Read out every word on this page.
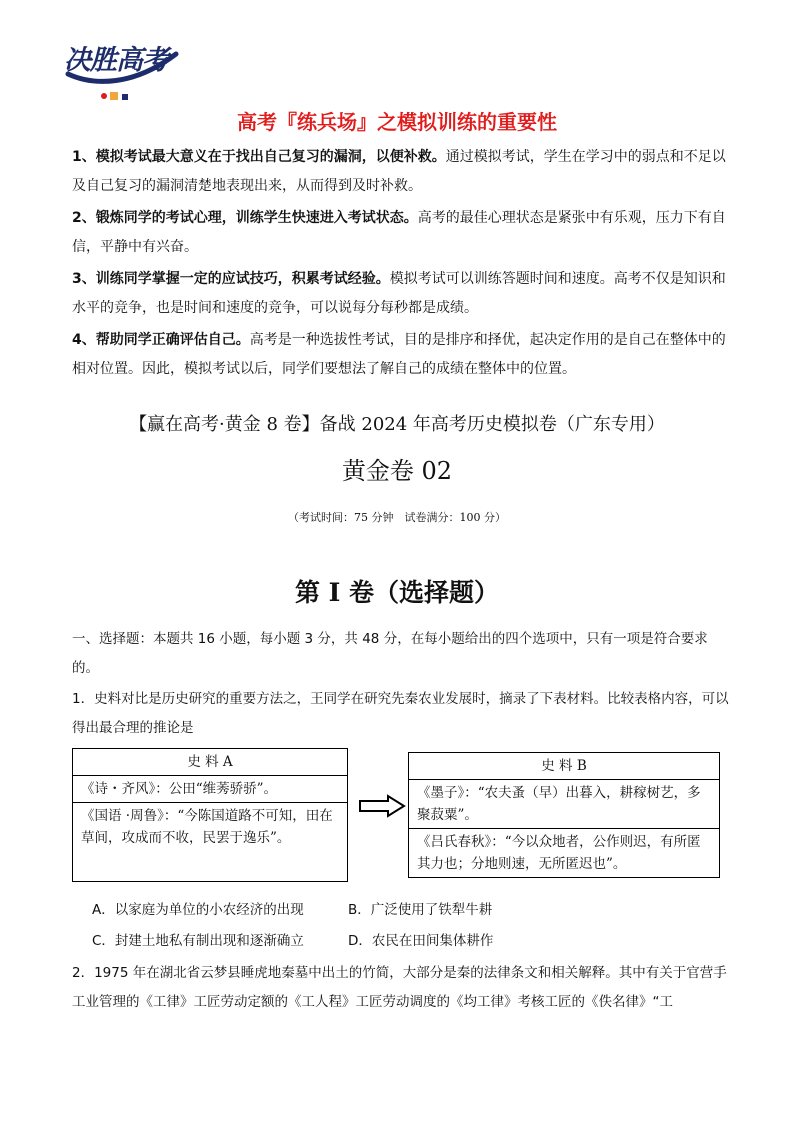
决胜高考
高考『练兵场』之模拟训练的重要性
1、模拟考试最大意义在于找出自己复习的漏洞，以便补救。通过模拟考试，学生在学习中的弱点和不足以及自己复习的漏洞清楚地表现出来，从而得到及时补救。
2、锻炼同学的考试心理，训练学生快速进入考试状态。高考的最佳心理状态是紧张中有乐观，压力下有自信，平静中有兴奋。
3、训练同学掌握一定的应试技巧，积累考试经验。模拟考试可以训练答题时间和速度。高考不仅是知识和水平的竞争，也是时间和速度的竞争，可以说每分每秒都是成绩。
4、帮助同学正确评估自己。高考是一种选拔性考试，目的是排序和择优，起决定作用的是自己在整体中的相对位置。因此，模拟考试以后，同学们要想法了解自己的成绩在整体中的位置。
【赢在高考·黄金 8 卷】备战 2024 年高考历史模拟卷（广东专用）
黄金卷 02
（考试时间：75 分钟　试卷满分：100 分）
第 I 卷（选择题）
一、选择题：本题共 16 小题，每小题 3 分，共 48 分，在每小题给出的四个选项中，只有一项是符合要求的。
1．史料对比是历史研究的重要方法之，王同学在研究先秦农业发展时，摘录了下表材料。比较表格内容，可以得出最合理的推论是
史 料 A
《诗・齐风》：公田“维莠骄骄”。
《国语 ·周鲁》：“今陈国道路不可知，田在草间，攻成而不收，民罢于逸乐”。
史 料 B
《墨子》：“农夫蚤（早）出暮入，耕稼树艺，多聚菽粟”。
《吕氏春秋》：“今以众地者，公作则迟，有所匿其力也；分地则速，无所匿迟也”。
A．以家庭为单位的小农经济的出现	B．广泛使用了铁犁牛耕
C．封建土地私有制出现和逐渐确立	D．农民在田间集体耕作
2．1975 年在湖北省云梦县睡虎地秦墓中出土的竹简，大部分是秦的法律条文和相关解释。其中有关于官营手工业管理的《工律》工匠劳动定额的《工人程》工匠劳动调度的《均工律》考核工匠的《佚名律》“工
